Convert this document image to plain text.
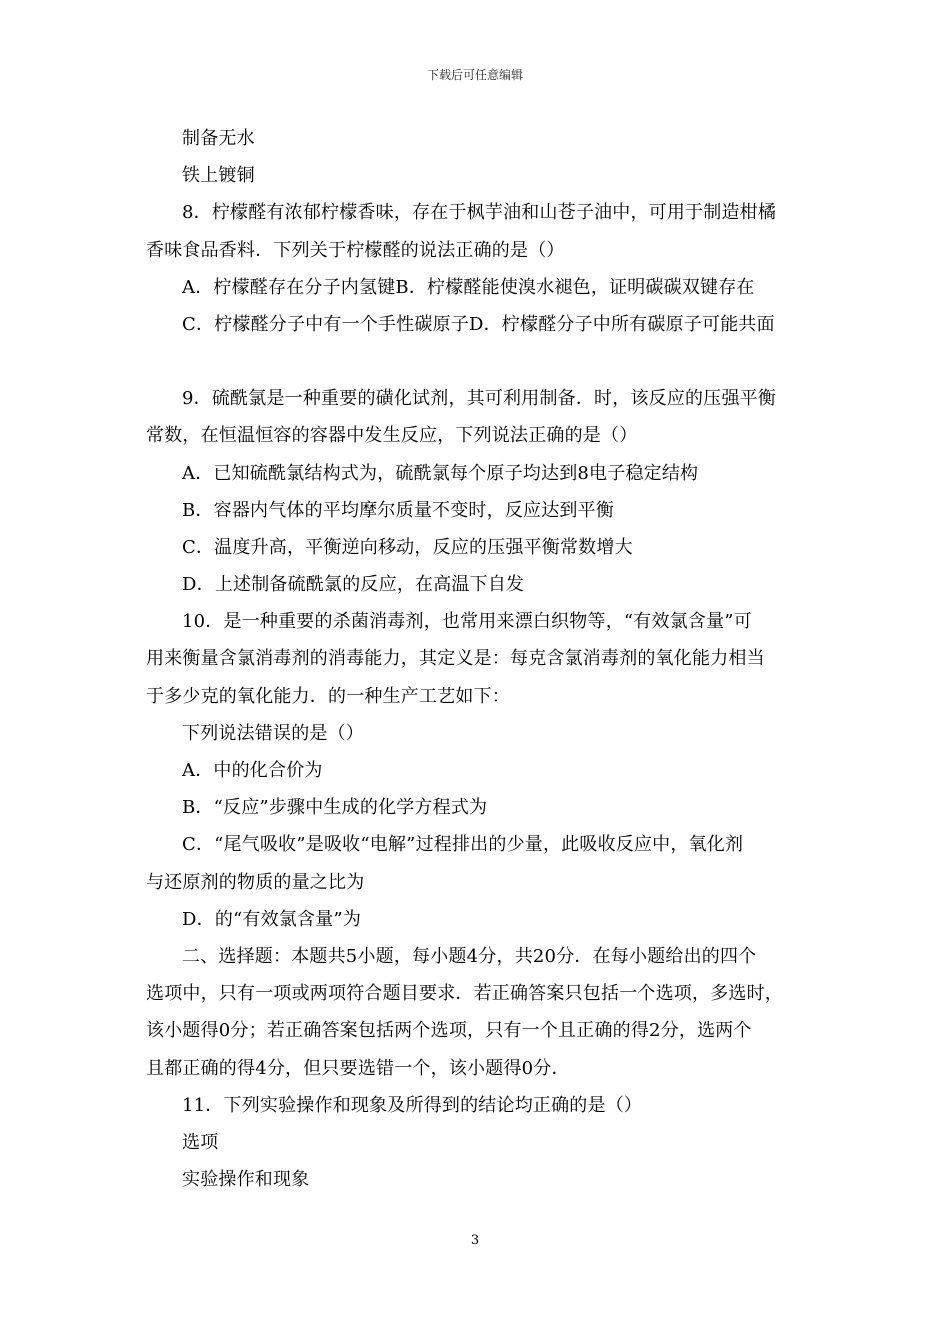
下载后可任意编辑
制备无水
铁上镀铜
8．柠檬醛有浓郁柠檬香味，存在于枫芋油和山苍子油中，可用于制造柑橘
香味食品香料．下列关于柠檬醛的说法正确的是（）
A．柠檬醛存在分子内氢键B．柠檬醛能使溴水褪色，证明碳碳双键存在
C．柠檬醛分子中有一个手性碳原子D．柠檬醛分子中所有碳原子可能共面
9．硫酰氯是一种重要的磺化试剂，其可利用制备．时，该反应的压强平衡
常数，在恒温恒容的容器中发生反应，下列说法正确的是（）
A．已知硫酰氯结构式为，硫酰氯每个原子均达到8电子稳定结构
B．容器内气体的平均摩尔质量不变时，反应达到平衡
C．温度升高，平衡逆向移动，反应的压强平衡常数增大
D．上述制备硫酰氯的反应，在高温下自发
10．是一种重要的杀菌消毒剂，也常用来漂白织物等，“有效氯含量”可
用来衡量含氯消毒剂的消毒能力，其定义是：每克含氯消毒剂的氧化能力相当
于多少克的氧化能力．的一种生产工艺如下：
下列说法错误的是（）
A．中的化合价为
B．“反应”步骤中生成的化学方程式为
C．“尾气吸收”是吸收“电解”过程排出的少量，此吸收反应中，氧化剂
与还原剂的物质的量之比为
D．的“有效氯含量”为
二、选择题：本题共5小题，每小题4分，共20分．在每小题给出的四个
选项中，只有一项或两项符合题目要求．若正确答案只包括一个选项，多选时，
该小题得0分；若正确答案包括两个选项，只有一个且正确的得2分，选两个
且都正确的得4分，但只要选错一个，该小题得0分．
11．下列实验操作和现象及所得到的结论均正确的是（）
选项
实验操作和现象
3
